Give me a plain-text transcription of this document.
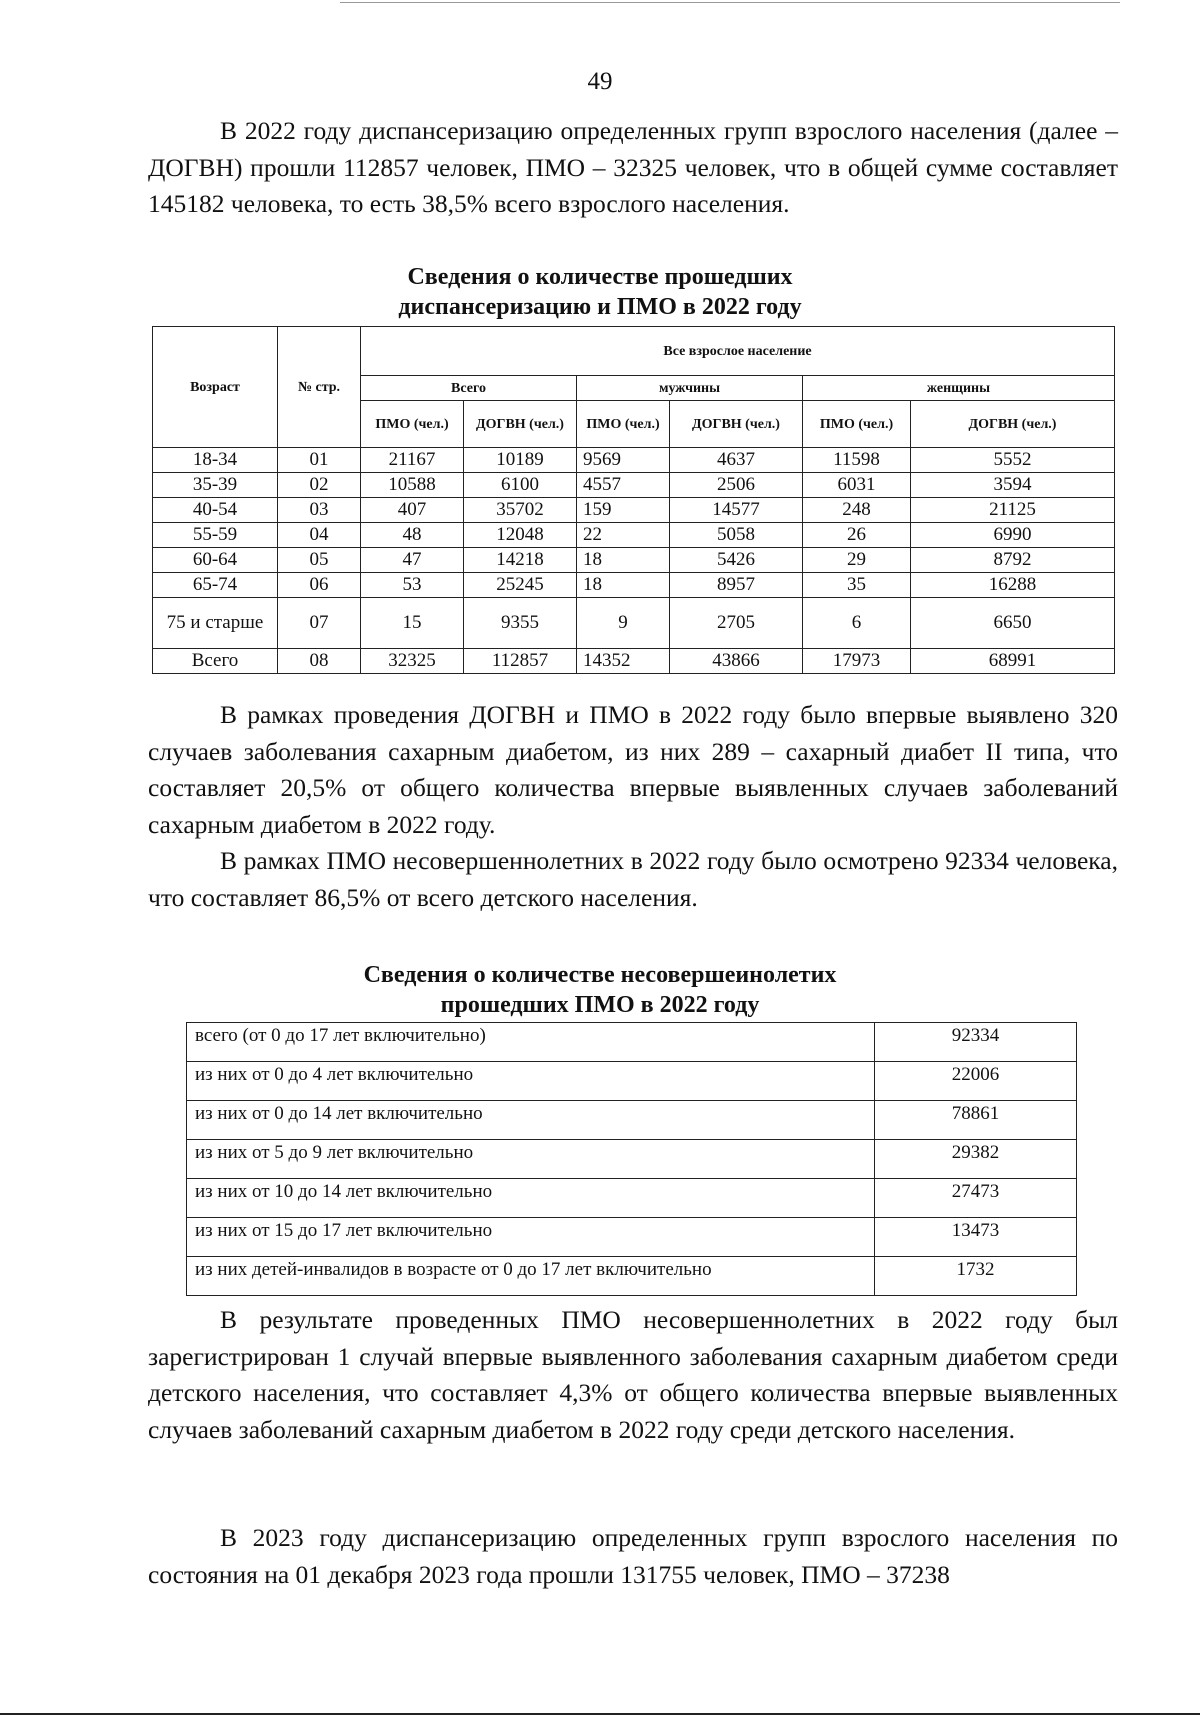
49

В 2022 году диспансеризацию определенных групп взрослого населения (далее – ДОГВН) прошли 112857 человек, ПМО – 32325 человек, что в общей сумме составляет 145182 человека, то есть 38,5% всего взрослого населения.

Сведения о количестве прошедших
диспансеризацию и ПМО в 2022 году
Возраст	№ стр.	Все взрослое население					
		Всего		мужчины		женщины	
		ПМО (чел.)	ДОГВН (чел.)	ПМО (чел.)	ДОГВН (чел.)	ПМО (чел.)	ДОГВН (чел.)
18-34	01	21167	10189	9569	4637	11598	5552
35-39	02	10588	6100	4557	2506	6031	3594
40-54	03	407	35702	159	14577	248	21125
55-59	04	48	12048	22	5058	26	6990
60-64	05	47	14218	18	5426	29	8792
65-74	06	53	25245	18	8957	35	16288
75 и старше	07	15	9355	9	2705	6	6650
Всего	08	32325	112857	14352	43866	17973	68991

В рамках проведения ДОГВН и ПМО в 2022 году было впервые выявлено 320 случаев заболевания сахарным диабетом, из них 289 – сахарный диабет II типа, что составляет 20,5% от общего количества впервые выявленных случаев заболеваний сахарным диабетом в 2022 году.

В рамках ПМО несовершеннолетних в 2022 году было осмотрено 92334 человека, что составляет 86,5% от всего детского населения.

Сведения о количестве несовершеинолетих
прошедших ПМО в 2022 году
всего (от 0 до 17 лет включительно)	92334
из них от 0 до 4 лет включительно	22006
из них от 0 до 14 лет включительно	78861
из них от 5 до 9 лет включительно	29382
из них от 10 до 14 лет включительно	27473
из них от 15 до 17 лет включительно	13473
из них детей-инвалидов в возрасте от 0 до 17 лет включительно	1732

В результате проведенных ПМО несовершеннолетних в 2022 году был зарегистрирован 1 случай впервые выявленного заболевания сахарным диабетом среди детского населения, что составляет 4,3% от общего количества впервые выявленных случаев заболеваний сахарным диабетом в 2022 году среди детского населения.

В 2023 году диспансеризацию определенных групп взрослого населения по состояния на 01 декабря 2023 года прошли 131755 человек, ПМО – 37238
